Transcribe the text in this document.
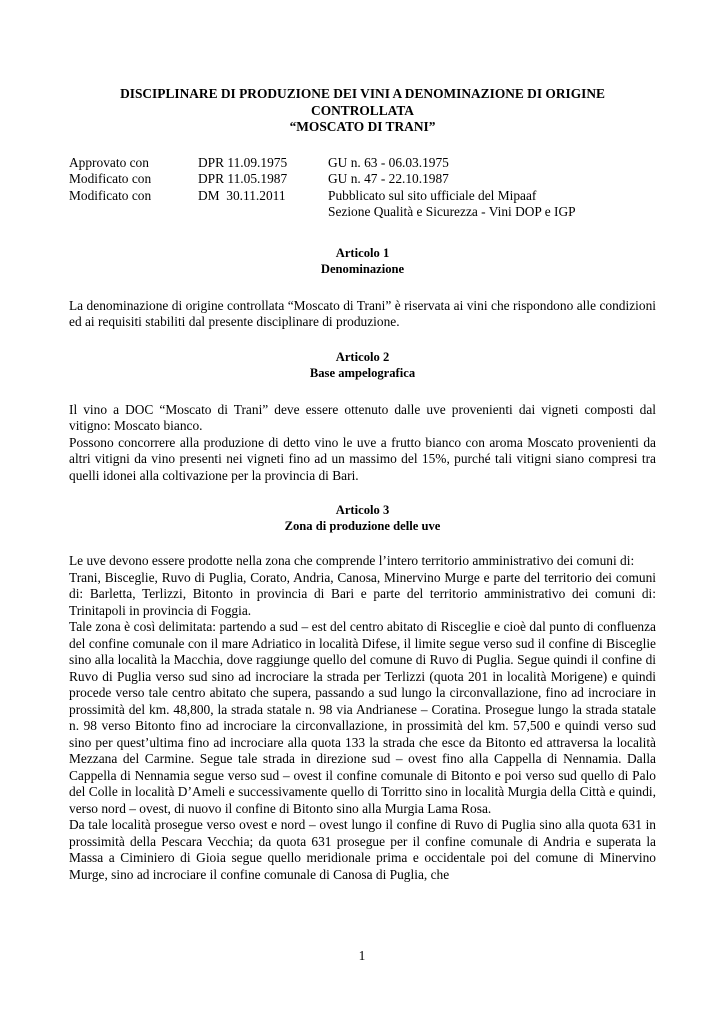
DISCIPLINARE DI PRODUZIONE DEI VINI A DENOMINAZIONE DI ORIGINE
CONTROLLATA
“MOSCATO DI TRANI”
Approvato con	DPR 11.09.1975	GU n. 63 - 06.03.1975
Modificato con	DPR 11.05.1987	GU n. 47 - 22.10.1987
Modificato con	DM  30.11.2011	Pubblicato sul sito ufficiale del Mipaaf
Sezione Qualità e Sicurezza - Vini DOP e IGP
Articolo 1
Denominazione

La denominazione di origine controllata “Moscato di Trani” è riservata ai vini che rispondono alle condizioni ed ai requisiti stabiliti dal presente disciplinare di produzione.

Articolo 2
Base ampelografica

Il vino a DOC “Moscato di Trani” deve essere ottenuto dalle uve provenienti dai vigneti composti dal vitigno: Moscato bianco.

Possono concorrere alla produzione di detto vino le uve a frutto bianco con aroma Moscato provenienti da altri vitigni da vino presenti nei vigneti fino ad un massimo del 15%, purché tali vitigni siano compresi tra quelli idonei alla coltivazione per la provincia di Bari.

Articolo 3
Zona di produzione delle uve

Le uve devono essere prodotte nella zona che comprende l’intero territorio amministrativo dei comuni di:

Trani, Bisceglie, Ruvo di Puglia, Corato, Andria, Canosa, Minervino Murge e parte del territorio dei comuni di: Barletta, Terlizzi, Bitonto in provincia di Bari e parte del territorio amministrativo dei comuni di: Trinitapoli in provincia di Foggia.

Tale zona è così delimitata: partendo a sud – est del centro abitato di Risceglie e cioè dal punto di confluenza del confine comunale con il mare Adriatico in località Difese, il limite segue verso sud il confine di Bisceglie sino alla località la Macchia, dove raggiunge quello del comune di Ruvo di Puglia. Segue quindi il confine di Ruvo di Puglia verso sud sino ad incrociare la strada per Terlizzi (quota 201 in località Morigene) e quindi procede verso tale centro abitato che supera, passando a sud lungo la circonvallazione, fino ad incrociare in prossimità del km. 48,800, la strada statale n. 98 via Andrianese – Coratina. Prosegue lungo la strada statale n. 98 verso Bitonto fino ad incrociare la circonvallazione, in prossimità del km. 57,500 e quindi verso sud sino per quest’ultima fino ad incrociare alla quota 133 la strada che esce da Bitonto ed attraversa la località Mezzana del Carmine. Segue tale strada in direzione sud – ovest fino alla Cappella di Nennamia. Dalla Cappella di Nennamia segue verso sud – ovest il confine comunale di Bitonto e poi verso sud quello di Palo del Colle in località D’Ameli e successivamente quello di Torritto sino in località Murgia della Città e quindi, verso nord – ovest, di nuovo il confine di Bitonto sino alla Murgia Lama Rosa.

Da tale località prosegue verso ovest e nord – ovest lungo il confine di Ruvo di Puglia sino alla quota 631 in prossimità della Pescara Vecchia; da quota 631 prosegue per il confine comunale di Andria e superata la Massa a Ciminiero di Gioia segue quello meridionale prima e occidentale poi del comune di Minervino Murge, sino ad incrociare il confine comunale di Canosa di Puglia, che

1
